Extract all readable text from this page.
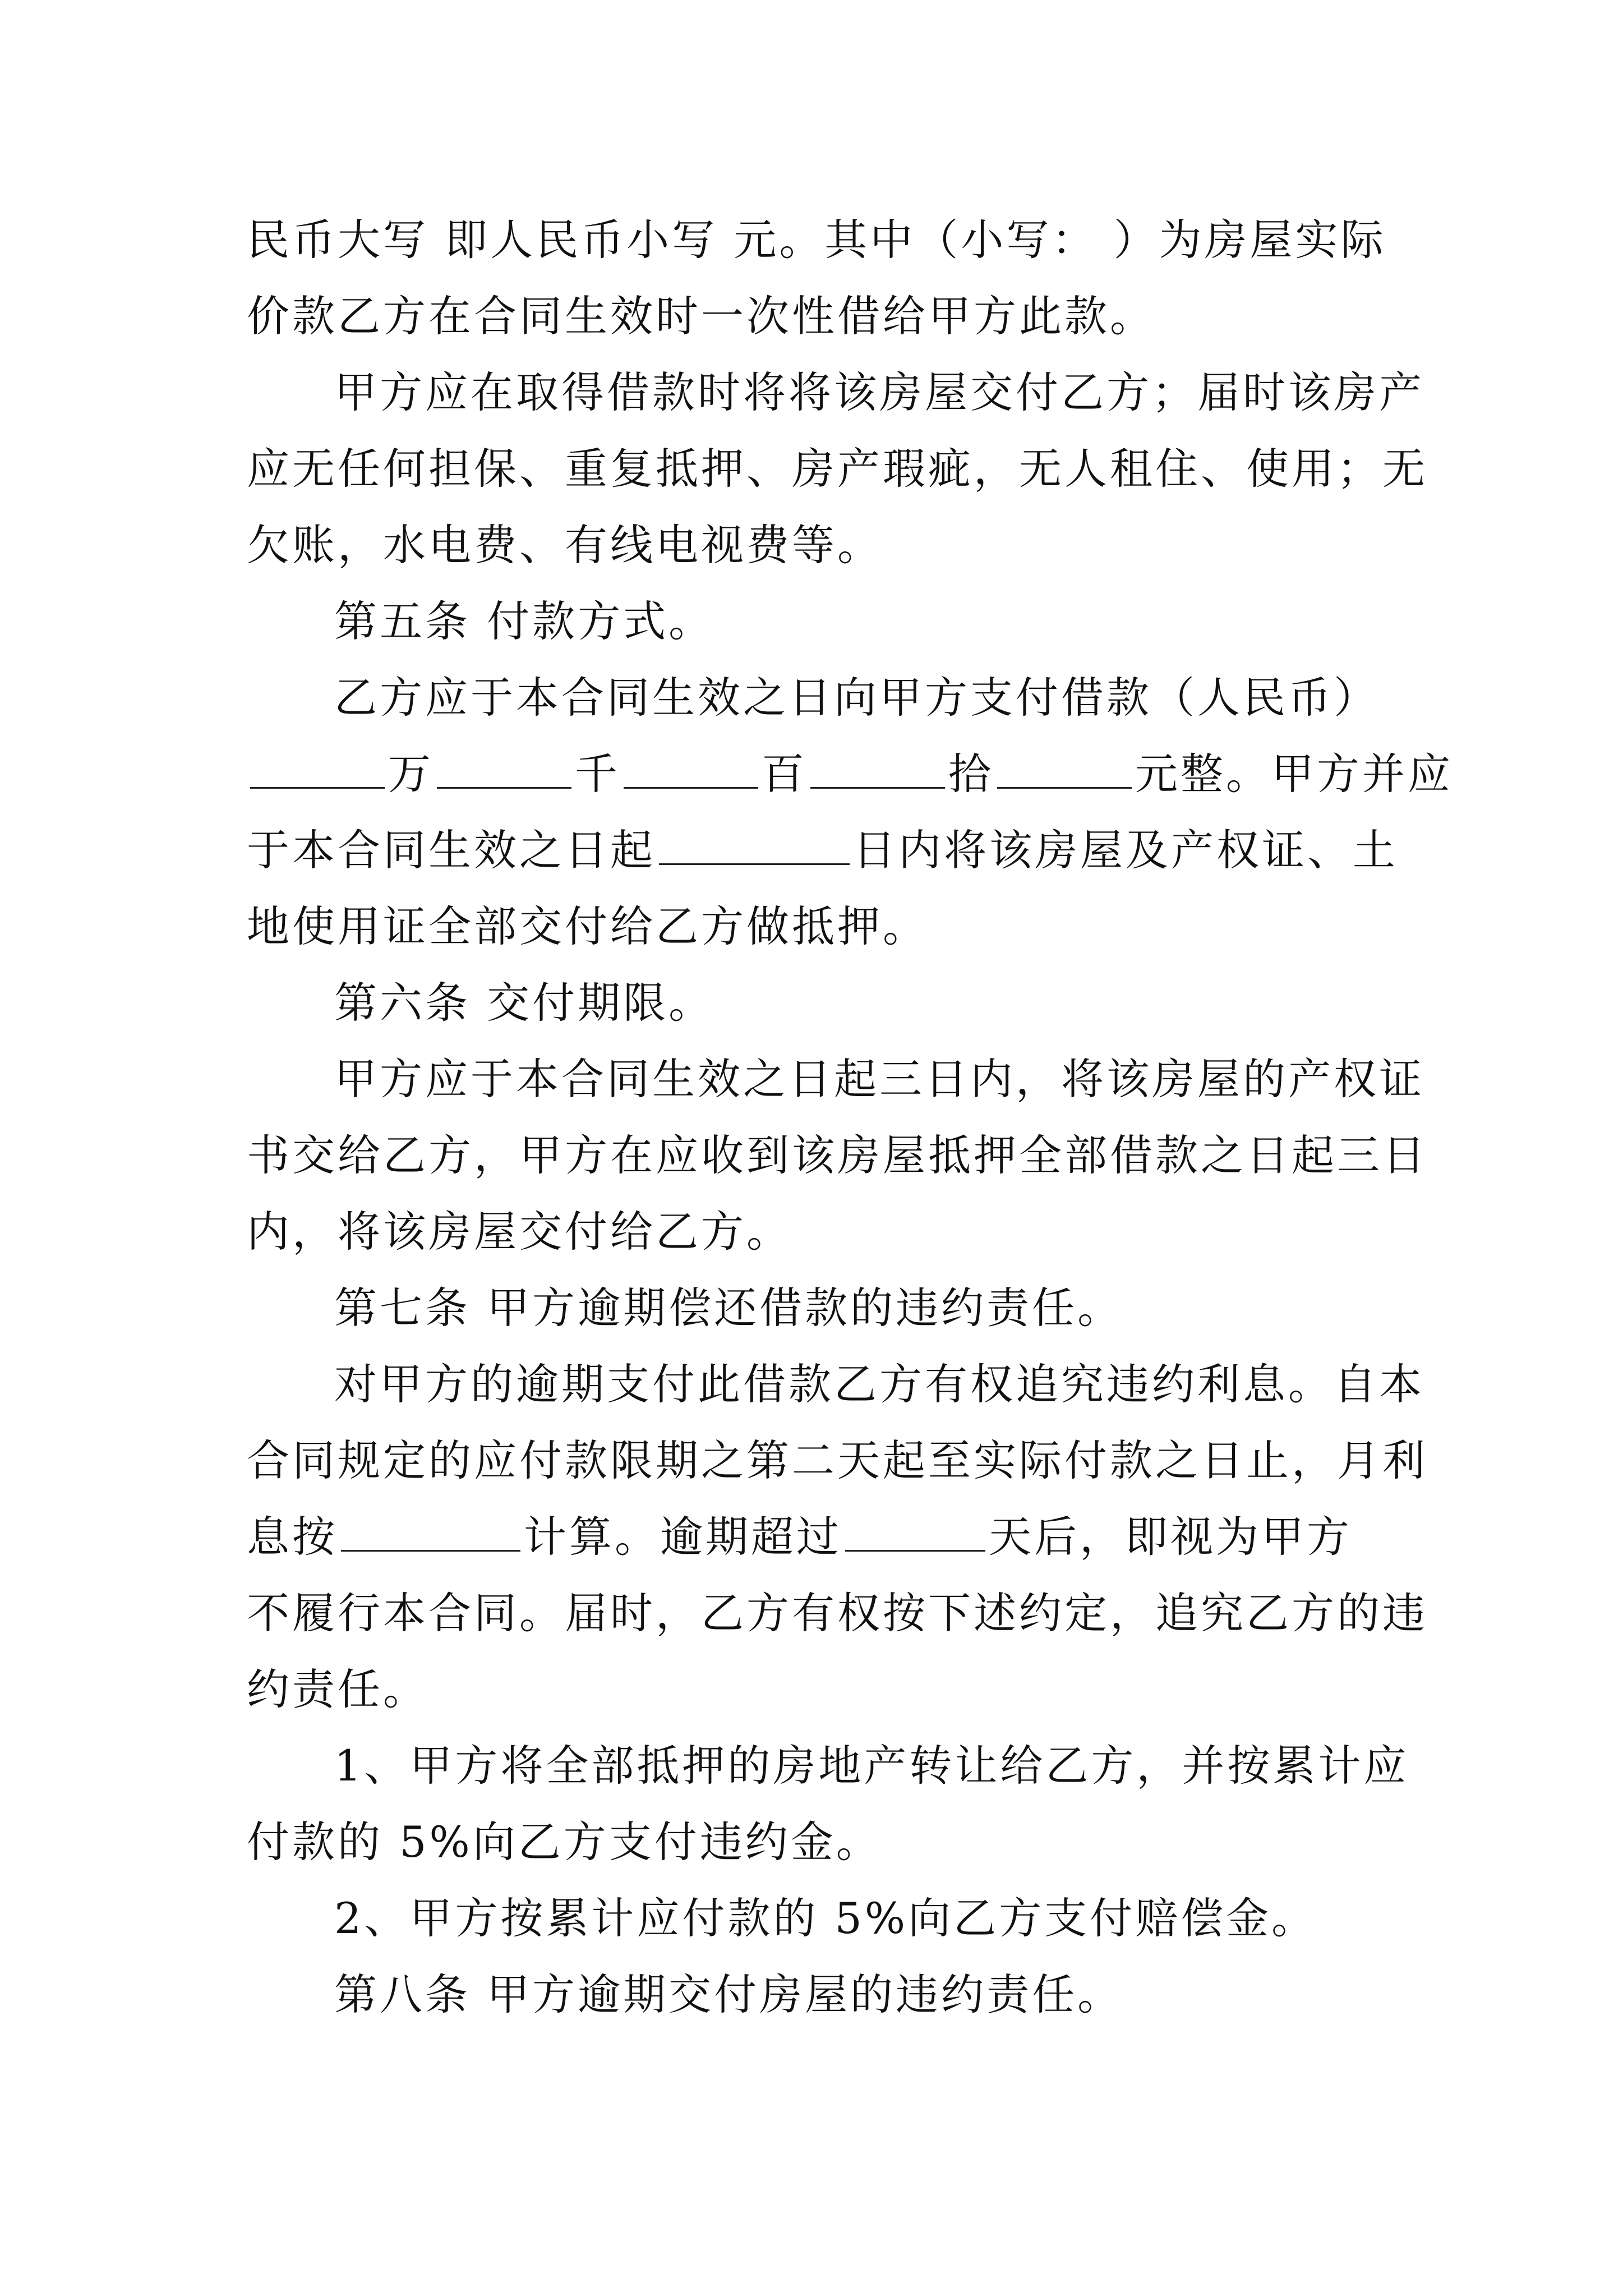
民币大写 即人民币小写 元。其中（小写： ）为房屋实际
价款乙方在合同生效时一次性借给甲方此款。
甲方应在取得借款时将将该房屋交付乙方；届时该房产
应无任何担保、重复抵押、房产瑕疵，无人租住、使用；无
欠账，水电费、有线电视费等。
第五条 付款方式。
乙方应于本合同生效之日向甲方支付借款（人民币）
万	千	百	拾	元整。甲方并应
于本合同生效之日起	日内将该房屋及产权证、土
地使用证全部交付给乙方做抵押。
第六条 交付期限。
甲方应于本合同生效之日起三日内，将该房屋的产权证
书交给乙方，甲方在应收到该房屋抵押全部借款之日起三日
内，将该房屋交付给乙方。
第七条 甲方逾期偿还借款的违约责任。
对甲方的逾期支付此借款乙方有权追究违约利息。自本
合同规定的应付款限期之第二天起至实际付款之日止，月利
息按	计算。逾期超过	天后，即视为甲方
不履行本合同。届时，乙方有权按下述约定，追究乙方的违
约责任。
1、甲方将全部抵押的房地产转让给乙方，并按累计应
付款的 5%向乙方支付违约金。
2、甲方按累计应付款的 5%向乙方支付赔偿金。
第八条 甲方逾期交付房屋的违约责任。
